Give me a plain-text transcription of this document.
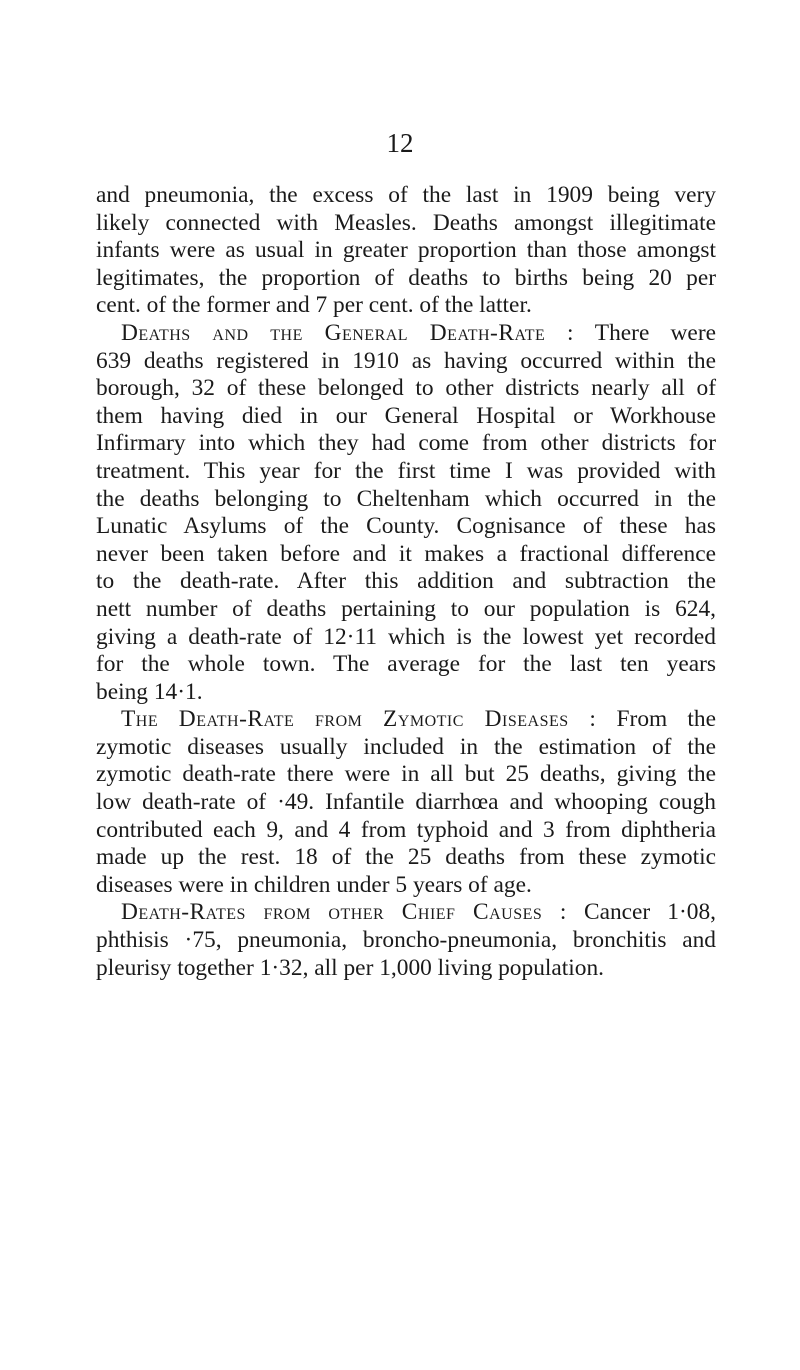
12
and pneumonia, the excess of the last in 1909 being very
likely connected with Measles. Deaths amongst illegitimate
infants were as usual in greater proportion than those amongst
legitimates, the proportion of deaths to births being 20 per
cent. of the former and 7 per cent. of the latter.
Deaths and the General Death-Rate : There were
639 deaths registered in 1910 as having occurred within the
borough, 32 of these belonged to other districts nearly all of
them having died in our General Hospital or Workhouse
Infirmary into which they had come from other districts for
treatment. This year for the first time I was provided with
the deaths belonging to Cheltenham which occurred in the
Lunatic Asylums of the County. Cognisance of these has
never been taken before and it makes a fractional difference
to the death-rate. After this addition and subtraction the
nett number of deaths pertaining to our population is 624,
giving a death-rate of 12·11 which is the lowest yet recorded
for the whole town. The average for the last ten years
being 14·1.
The Death-Rate from Zymotic Diseases : From the
zymotic diseases usually included in the estimation of the
zymotic death-rate there were in all but 25 deaths, giving the
low death-rate of ·49. Infantile diarrhœa and whooping cough
contributed each 9, and 4 from typhoid and 3 from diphtheria
made up the rest. 18 of the 25 deaths from these zymotic
diseases were in children under 5 years of age.
Death-Rates from other Chief Causes : Cancer 1·08,
phthisis ·75, pneumonia, broncho-pneumonia, bronchitis and
pleurisy together 1·32, all per 1,000 living population.
